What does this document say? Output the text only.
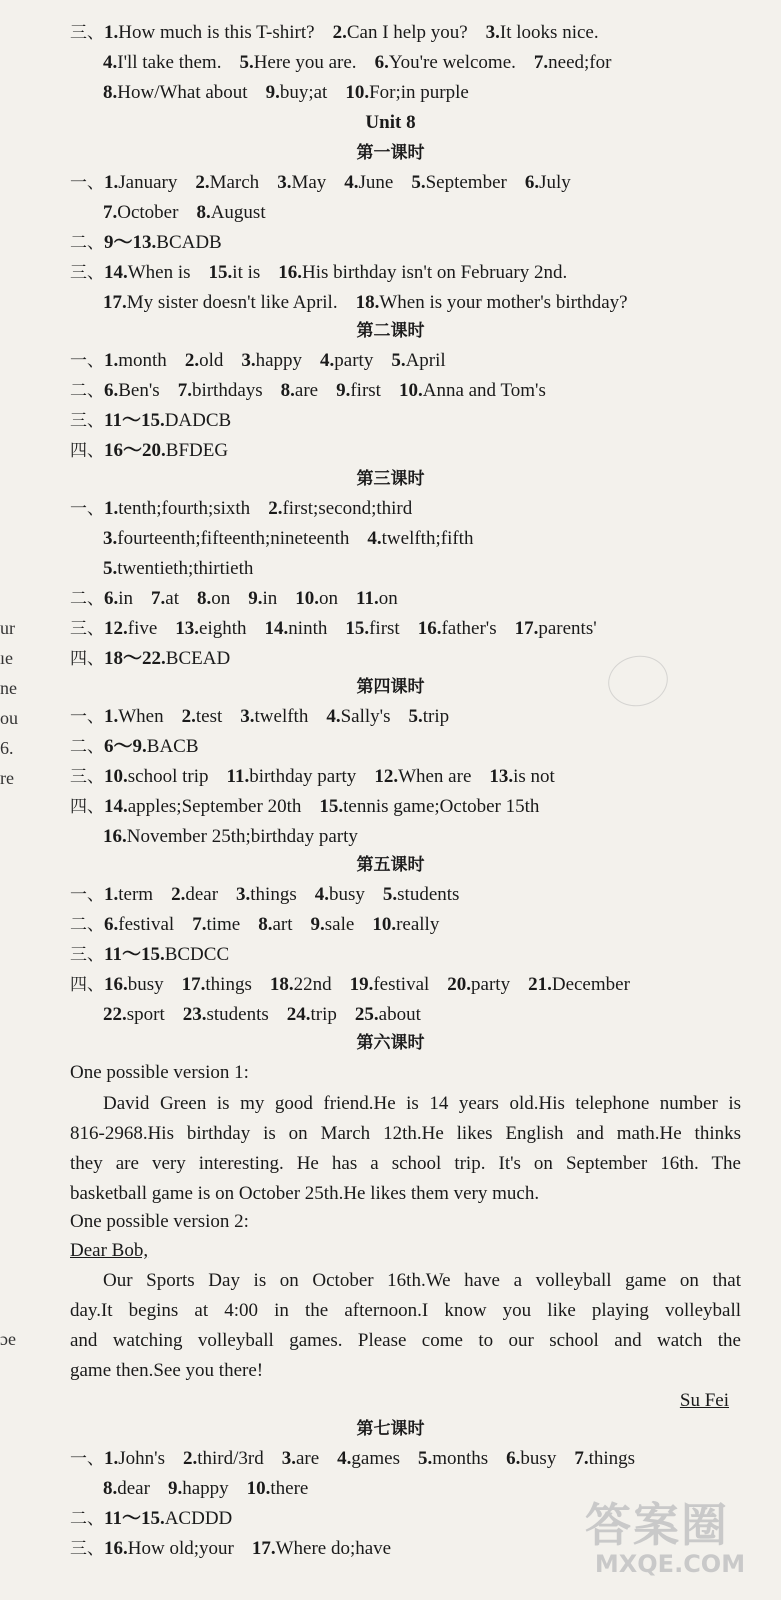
ur
ıe
ne
ou
6.
re
ɔe
三、1.How much is this T-shirt? 2.Can I help you? 3.It looks nice.
4.I'll take them. 5.Here you are. 6.You're welcome. 7.need;for
8.How/What about 9.buy;at 10.For;in purple
Unit 8
第一课时
一、1.January 2.March 3.May 4.June 5.September 6.July
7.October 8.August
二、9～13.BCADB
三、14.When is 15.it is 16.His birthday isn't on February 2nd.
17.My sister doesn't like April. 18.When is your mother's birthday?
第二课时
一、1.month 2.old 3.happy 4.party 5.April
二、6.Ben's 7.birthdays 8.are 9.first 10.Anna and Tom's
三、11～15.DADCB
四、16～20.BFDEG
第三课时
一、1.tenth;fourth;sixth 2.first;second;third
3.fourteenth;fifteenth;nineteenth 4.twelfth;fifth
5.twentieth;thirtieth
二、6.in 7.at 8.on 9.in 10.on 11.on
三、12.five 13.eighth 14.ninth 15.first 16.father's 17.parents'
四、18～22.BCEAD
第四课时
一、1.When 2.test 3.twelfth 4.Sally's 5.trip
二、6～9.BACB
三、10.school trip 11.birthday party 12.When are 13.is not
四、14.apples;September 20th 15.tennis game;October 15th
16.November 25th;birthday party
第五课时
一、1.term 2.dear 3.things 4.busy 5.students
二、6.festival 7.time 8.art 9.sale 10.really
三、11～15.BCDCC
四、16.busy 17.things 18.22nd 19.festival 20.party 21.December
22.sport 23.students 24.trip 25.about
第六课时
One possible version 1:
David Green is my good friend.He is 14 years old.His telephone number is
816-2968.His birthday is on March 12th.He likes English and math.He thinks
they are very interesting. He has a school trip. It's on September 16th. The
basketball game is on October 25th.He likes them very much.
One possible version 2:
Dear Bob,
Our Sports Day is on October 16th.We have a volleyball game on that
day.It begins at 4:00 in the afternoon.I know you like playing volleyball
and watching volleyball games. Please come to our school and watch the
game then.See you there!
Su Fei
第七课时
一、1.John's 2.third/3rd 3.are 4.games 5.months 6.busy 7.things
8.dear 9.happy 10.there
二、11～15.ACDDD
三、16.How old;your 17.Where do;have	答案圈
MXQE.COM
